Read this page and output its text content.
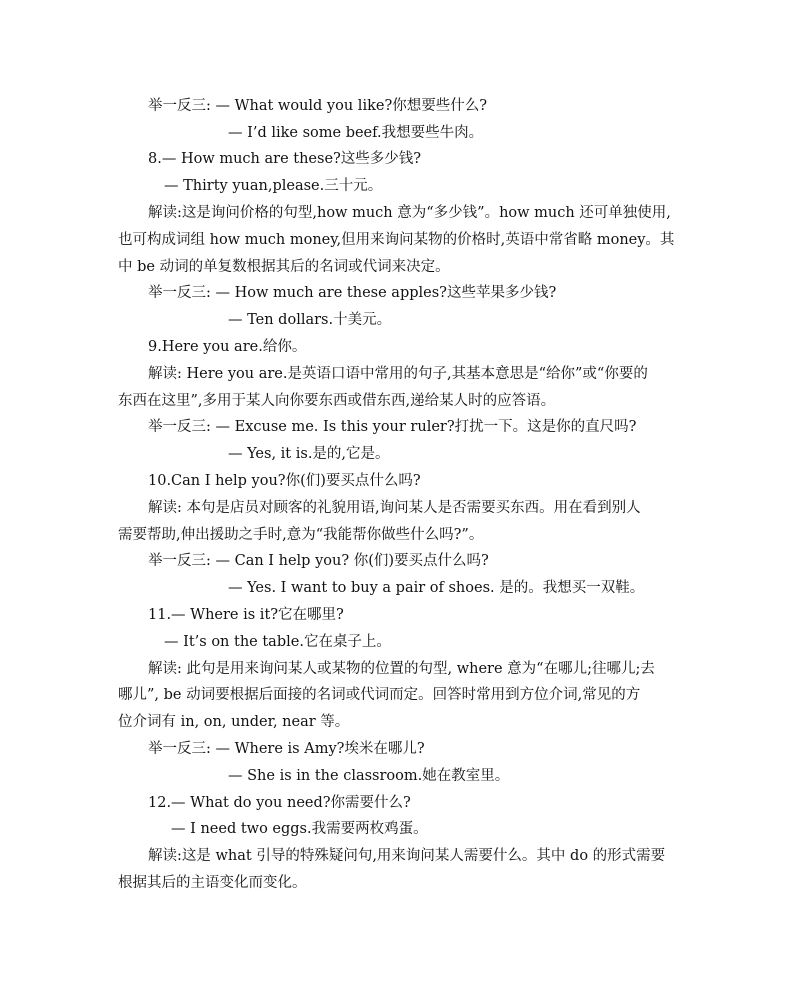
举一反三: — What would you like?你想要些什么?
— I’d like some beef.我想要些牛肉。
8.— How much are these?这些多少钱?
— Thirty yuan,please.三十元。
解读:这是询问价格的句型,how much 意为“多少钱”。how much 还可单独使用,
也可构成词组 how much money,但用来询问某物的价格时,英语中常省略 money。其
中 be 动词的单复数根据其后的名词或代词来决定。
举一反三: — How much are these apples?这些苹果多少钱?
— Ten dollars.十美元。
9.Here you are.给你。
解读: Here you are.是英语口语中常用的句子,其基本意思是“给你”或“你要的
东西在这里”,多用于某人向你要东西或借东西,递给某人时的应答语。
举一反三: — Excuse me. Is this your ruler?打扰一下。这是你的直尺吗?
— Yes, it is.是的,它是。
10.Can I help you?你(们)要买点什么吗?
解读: 本句是店员对顾客的礼貌用语,询问某人是否需要买东西。用在看到别人
需要帮助,伸出援助之手时,意为“我能帮你做些什么吗?”。
举一反三: — Can I help you? 你(们)要买点什么吗?
— Yes. I want to buy a pair of shoes. 是的。我想买一双鞋。
11.— Where is it?它在哪里?
— It’s on the table.它在桌子上。
解读: 此句是用来询问某人或某物的位置的句型, where 意为“在哪儿;往哪儿;去
哪儿”, be 动词要根据后面接的名词或代词而定。回答时常用到方位介词,常见的方
位介词有 in, on, under, near 等。
举一反三: — Where is Amy?埃米在哪儿?
— She is in the classroom.她在教室里。
12.— What do you need?你需要什么?
— I need two eggs.我需要两枚鸡蛋。
解读:这是 what 引导的特殊疑问句,用来询问某人需要什么。其中 do 的形式需要
根据其后的主语变化而变化。
